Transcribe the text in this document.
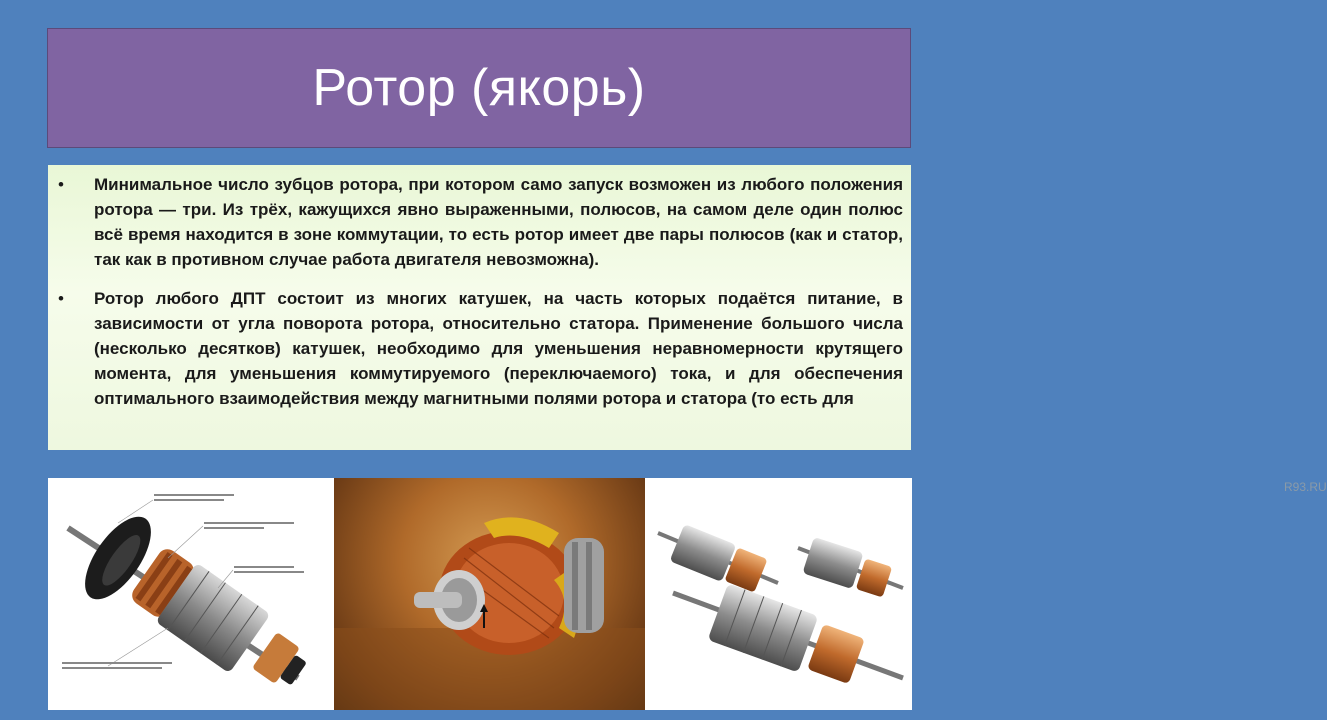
Ротор (якорь)
• Минимальное число зубцов ротора, при котором само запуск возможен из любого положения ротора — три. Из трёх, кажущихся явно выраженными, полюсов, на самом деле один полюс всё время находится в зоне коммутации, то есть ротор имеет две пары полюсов (как и статор, так как в противном случае работа двигателя невозможна).
• Ротор любого ДПТ состоит из многих катушек, на часть которых подаётся питание, в зависимости от угла поворота ротора, относительно статора. Применение большого числа (несколько десятков) катушек, необходимо для уменьшения неравномерности крутящего момента, для уменьшения коммутируемого (переключаемого) тока, и для обеспечения оптимального взаимодействия между магнитными полями ротора и статора (то есть для
R93.RU
